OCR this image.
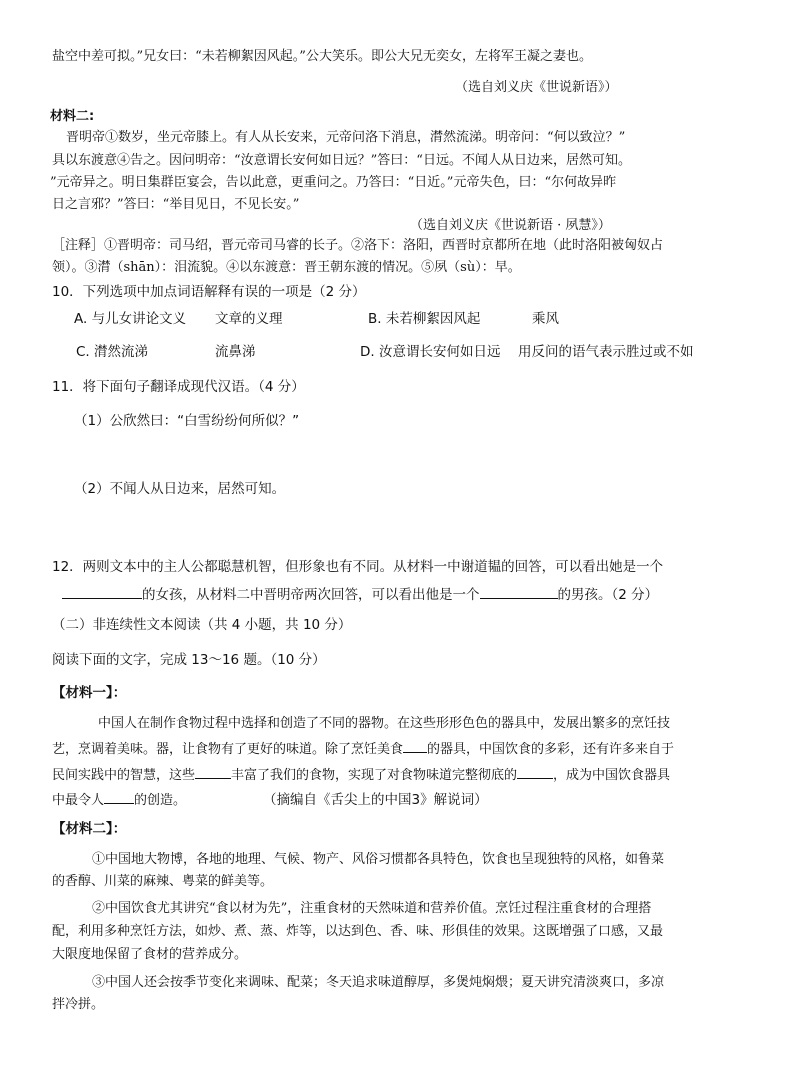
盐空中差可拟。”兄女曰：“未若柳絮因风起。”公大笑乐。即公大兄无奕女，左将军王凝之妻也。
（选自刘义庆《世说新语》）
材料二:
晋明帝①数岁，坐元帝膝上。有人从长安来，元帝问洛下消息，潸然流涕。明帝问：“何以致泣？”
具以东渡意④告之。因问明帝：“汝意谓长安何如日远？”答曰：“日远。不闻人从日边来，居然可知。
”元帝异之。明日集群臣宴会，告以此意，更重问之。乃答曰：“日近。”元帝失色，曰：“尔何故异昨
日之言邪？”答曰：“举目见日，不见长安。”
（选自刘义庆《世说新语 · 夙慧》）
［注释］①晋明帝：司马绍，晋元帝司马睿的长子。②洛下：洛阳，西晋时京都所在地（此时洛阳被匈奴占
领）。③潸（shān）：泪流貌。④以东渡意：晋王朝东渡的情况。⑤夙（sù）：早。
10．下列选项中加点词语解释有误的一项是（2 分）
A. 与儿女讲论文义 文章的义理	B. 未若柳絮因风起	乘风
C. 潸然流涕	流鼻涕	D. 汝意谓长安何如日远 用反问的语气表示胜过或不如
11．将下面句子翻译成现代汉语。（4 分）
（1）公欣然曰：“白雪纷纷何所似？”
（2）不闻人从日边来，居然可知。
12．两则文本中的主人公都聪慧机智，但形象也有不同。从材料一中谢道韫的回答，可以看出她是一个
的女孩，从材料二中晋明帝两次回答，可以看出他是一个	的男孩。（2 分）
（二）非连续性文本阅读（共 4 小题，共 10 分）
阅读下面的文字，完成 13～16 题。（10 分）
【材料一】：
中国人在制作食物过程中选择和创造了不同的器物。在这些形形色色的器具中，发展出繁多的烹饪技
艺，烹调着美味。器，让食物有了更好的味道。除了烹饪美食 的器具，中国饮食的多彩，还有许多来自于
民间实践中的智慧，这些	丰富了我们的食物，实现了对食物味道完整彻底的	，成为中国饮食器具
中最令人 的创造。	（摘编自《舌尖上的中国3》解说词）
【材料二】：
①中国地大物博，各地的地理、气候、物产、风俗习惯都各具特色，饮食也呈现独特的风格，如鲁菜
的香醇、川菜的麻辣、粤菜的鲜美等。
②中国饮食尤其讲究“食以材为先”，注重食材的天然味道和营养价值。烹饪过程注重食材的合理搭
配，利用多种烹饪方法，如炒、煮、蒸、炸等，以达到色、香、味、形俱佳的效果。这既增强了口感，又最
大限度地保留了食材的营养成分。
③中国人还会按季节变化来调味、配菜；冬天追求味道醇厚，多煲炖焖煨；夏天讲究清淡爽口，多凉
拌冷拼。
